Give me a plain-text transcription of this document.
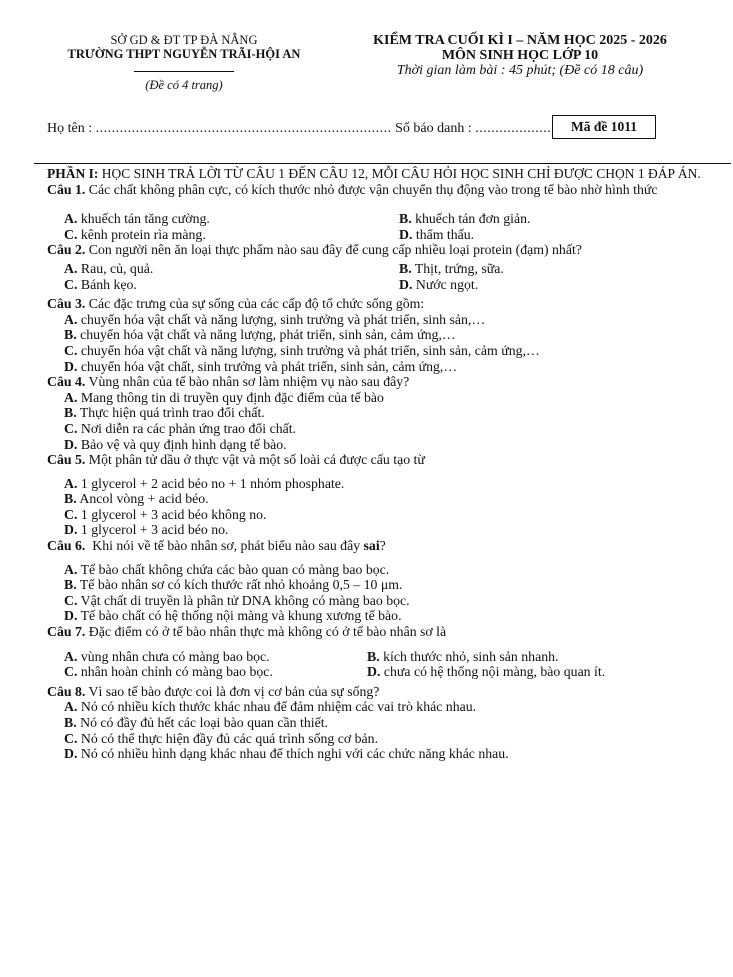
SỞ GD & ĐT TP ĐÀ NẴNG
TRƯỜNG THPT NGUYỄN TRÃI-HỘI AN
(Đề có 4 trang)
KIỂM TRA CUỐI KÌ I – NĂM HỌC 2025 - 2026
MÔN SINH HỌC LỚP 10
Thời gian làm bài : 45 phút; (Đề có 18 câu)
Họ tên : .......................................................................... Số báo danh : ...................	Mã đề 1011

PHẦN I: HỌC SINH TRẢ LỜI TỪ CÂU 1 ĐẾN CÂU 12, MỖI CÂU HỎI HỌC SINH CHỈ ĐƯỢC CHỌN 1 ĐÁP ÁN.

Câu 1. Các chất không phân cực, có kích thước nhỏ được vận chuyển thụ động vào trong tế bào nhờ hình thức

A. khuếch tán tăng cường.	B. khuếch tán đơn giản.
C. kênh protein rìa màng.	D. thẩm thấu.

Câu 2. Con người nên ăn loại thực phẩm nào sau đây để cung cấp nhiều loại protein (đạm) nhất?

A. Rau, củ, quả.	B. Thịt, trứng, sữa.
C. Bánh kẹo.	D. Nước ngọt.

Câu 3. Các đặc trưng của sự sống của các cấp độ tổ chức sống gồm:

A. chuyển hóa vật chất và năng lượng, sinh trưởng và phát triển, sinh sản,…

B. chuyển hóa vật chất và năng lượng, phát triển, sinh sản, cảm ứng,…

C. chuyển hóa vật chất và năng lượng, sinh trưởng và phát triển, sinh sản, cảm ứng,…

D. chuyển hóa vật chất, sinh trưởng và phát triển, sinh sản, cảm ứng,…

Câu 4. Vùng nhân của tế bào nhân sơ làm nhiệm vụ nào sau đây?

A. Mang thông tin di truyền quy định đặc điểm của tế bào

B. Thực hiện quá trình trao đổi chất.

C. Nơi diễn ra các phản ứng trao đổi chất.

D. Bảo vệ và quy định hình dạng tế bào.

Câu 5. Một phân tử dầu ở thực vật và một số loài cá được cấu tạo từ

A. 1 glycerol + 2 acid béo no + 1 nhóm phosphate.

B. Ancol vòng + acid béo.

C. 1 glycerol + 3 acid béo không no.

D. 1 glycerol + 3 acid béo no.

Câu 6. Khi nói về tế bào nhân sơ, phát biểu nào sau đây sai?

A. Tế bào chất không chứa các bào quan có màng bao bọc.

B. Tế bào nhân sơ có kích thước rất nhỏ khoảng 0,5 – 10 μm.

C. Vật chất di truyền là phân tử DNA không có màng bao bọc.

D. Tế bào chất có hệ thống nội màng và khung xương tế bào.

Câu 7. Đặc điểm có ở tế bào nhân thực mà không có ở tế bào nhân sơ là

A. vùng nhân chưa có màng bao bọc.	B. kích thước nhỏ, sinh sản nhanh.
C. nhân hoàn chỉnh có màng bao bọc.	D. chưa có hệ thống nội màng, bào quan ít.

Câu 8. Vì sao tế bào được coi là đơn vị cơ bản của sự sống?

A. Nó có nhiều kích thước khác nhau để đảm nhiệm các vai trò khác nhau.

B. Nó có đầy đủ hết các loại bào quan cần thiết.

C. Nó có thể thực hiện đầy đủ các quá trình sống cơ bản.

D. Nó có nhiều hình dạng khác nhau để thích nghi với các chức năng khác nhau.
